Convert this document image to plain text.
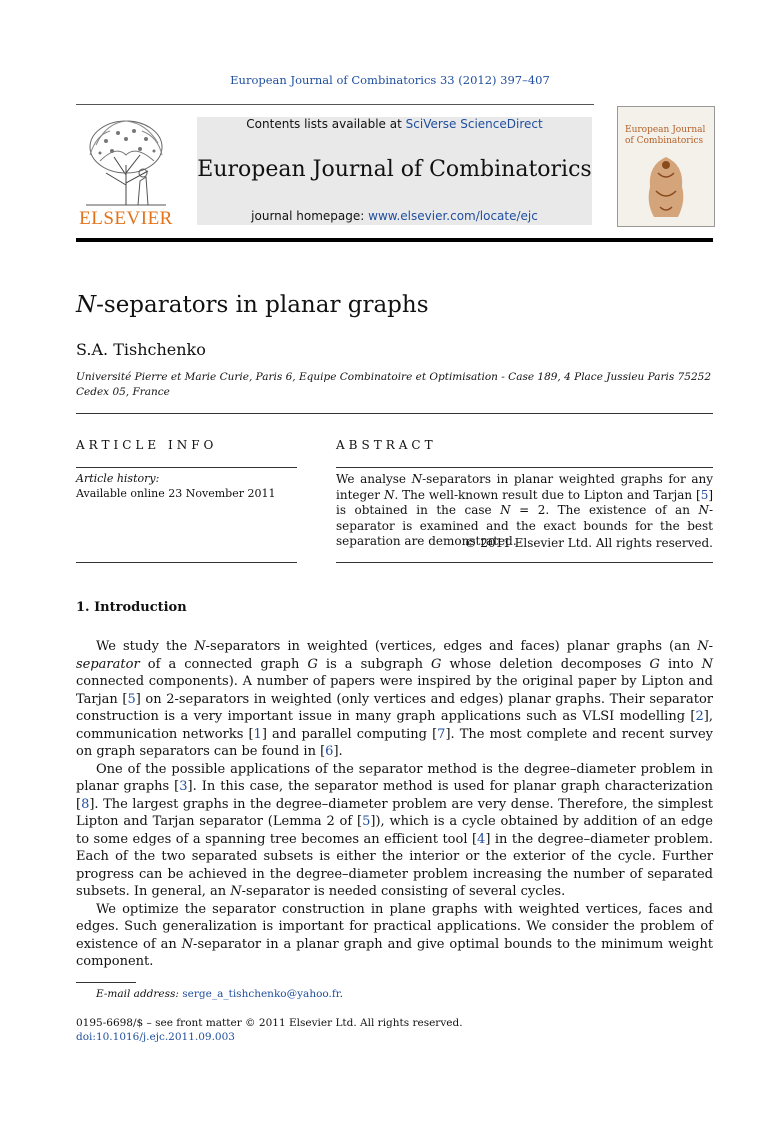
European Journal of Combinatorics 33 (2012) 397–407
ELSEVIER
Contents lists available at SciVerse ScienceDirect
European Journal of Combinatorics
journal homepage: www.elsevier.com/locate/ejc
European Journal of Combinatorics
N-separators in planar graphs
S.A. Tishchenko
Université Pierre et Marie Curie, Paris 6, Equipe Combinatoire et Optimisation - Case 189, 4 Place Jussieu Paris 75252 Cedex 05, France
ARTICLE INFO	ABSTRACT
Article history:
Available online 23 November 2011
We analyse N-separators in planar weighted graphs for any integer N. The well-known result due to Lipton and Tarjan [5] is obtained in the case N = 2. The existence of an N-separator is examined and the exact bounds for the best separation are demonstrated.
© 2011 Elsevier Ltd. All rights reserved.
1. Introduction

We study the N-separators in weighted (vertices, edges and faces) planar graphs (an N-separator of a connected graph G is a subgraph G whose deletion decomposes G into N connected components). A number of papers were inspired by the original paper by Lipton and Tarjan [5] on 2-separators in weighted (only vertices and edges) planar graphs. Their separator construction is a very important issue in many graph applications such as VLSI modelling [2], communication networks [1] and parallel computing [7]. The most complete and recent survey on graph separators can be found in [6].

One of the possible applications of the separator method is the degree–diameter problem in planar graphs [3]. In this case, the separator method is used for planar graph characterization [8]. The largest graphs in the degree–diameter problem are very dense. Therefore, the simplest Lipton and Tarjan separator (Lemma 2 of [5]), which is a cycle obtained by addition of an edge to some edges of a spanning tree becomes an efficient tool [4] in the degree–diameter problem. Each of the two separated subsets is either the interior or the exterior of the cycle. Further progress can be achieved in the degree–diameter problem increasing the number of separated subsets. In general, an N-separator is needed consisting of several cycles.

We optimize the separator construction in plane graphs with weighted vertices, faces and edges. Such generalization is important for practical applications. We consider the problem of existence of an N-separator in a planar graph and give optimal bounds to the minimum weight component.

E-mail address: serge_a_tishchenko@yahoo.fr.
0195-6698/$ – see front matter © 2011 Elsevier Ltd. All rights reserved.
doi:10.1016/j.ejc.2011.09.003
